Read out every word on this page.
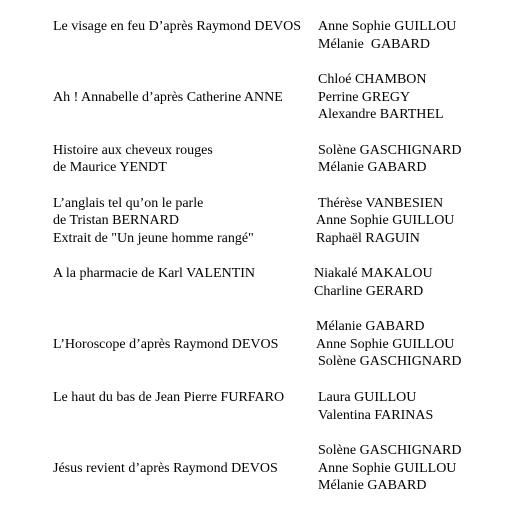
Le visage en feu D’après Raymond DEVOS Anne Sophie GUILLOU
Mélanie  GABARD
Ah ! Annabelle d’après Catherine ANNE
Chloé CHAMBON
Perrine GREGY
Alexandre BARTHEL
Histoire aux cheveux rouges
de Maurice YENDT
Solène GASCHIGNARD
Mélanie GABARD
L’anglais tel qu’on le parle
de Tristan BERNARD
Extrait de "Un jeune homme rangé"
Thérèse VANBESIEN
Anne Sophie GUILLOU
Raphaël RAGUIN
A la pharmacie de Karl VALENTIN	Niakalé MAKALOU
Charline GERARD
L’Horoscope d’après Raymond DEVOS
Mélanie GABARD
Anne Sophie GUILLOU
Solène GASCHIGNARD
Le haut du bas de Jean Pierre FURFARO Laura GUILLOU
Valentina FARINAS
Jésus revient d’après Raymond DEVOS
Solène GASCHIGNARD
Anne Sophie GUILLOU
Mélanie GABARD
